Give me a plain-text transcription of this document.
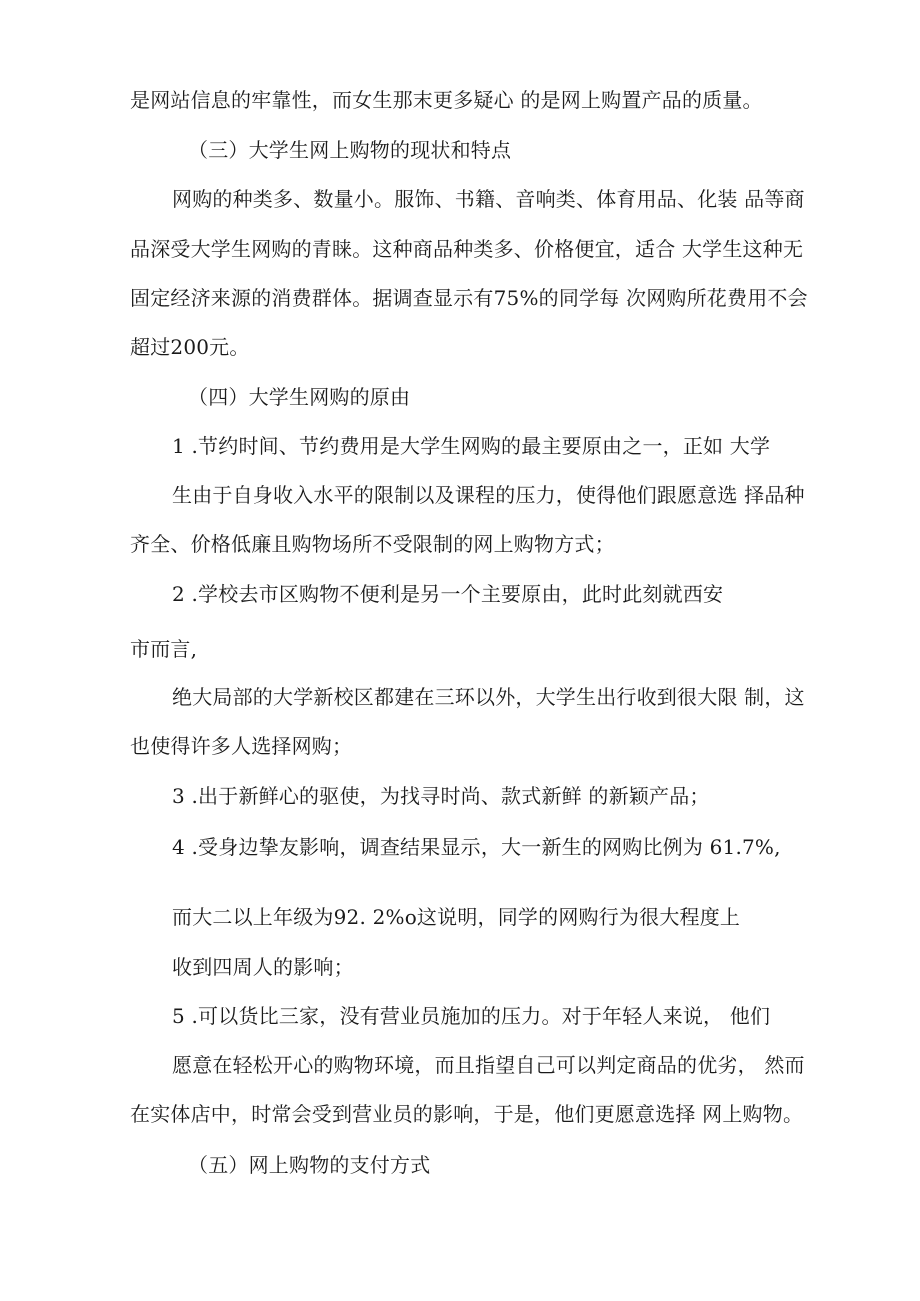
是网站信息的牢靠性，而女生那末更多疑心 的是网上购置产品的质量。
（三）大学生网上购物的现状和特点
网购的种类多、数量小。服饰、书籍、音响类、体育用品、化装 品等商
品深受大学生网购的青睐。这种商品种类多、价格便宜，适合 大学生这种无
固定经济来源的消费群体。据调查显示有75%的同学每 次网购所花费用不会
超过200元。
（四）大学生网购的原由
1 .节约时间、节约费用是大学生网购的最主要原由之一，正如 大学
生由于自身收入水平的限制以及课程的压力，使得他们跟愿意选 择品种
齐全、价格低廉且购物场所不受限制的网上购物方式；
2 .学校去市区购物不便利是另一个主要原由，此时此刻就西安
市而言,
绝大局部的大学新校区都建在三环以外，大学生出行收到很大限 制，这
也使得许多人选择网购；
3 .出于新鲜心的驱使，为找寻时尚、款式新鲜 的新颖产品；
4 .受身边挚友影响，调查结果显示，大一新生的网购比例为 61.7%,
而大二以上年级为92. 2%o这说明，同学的网购行为很大程度上
收到四周人的影响；
5 .可以货比三家，没有营业员施加的压力。对于年轻人来说， 他们
愿意在轻松开心的购物环境，而且指望自己可以判定商品的优劣， 然而
在实体店中，时常会受到营业员的影响，于是，他们更愿意选择 网上购物。
（五）网上购物的支付方式
